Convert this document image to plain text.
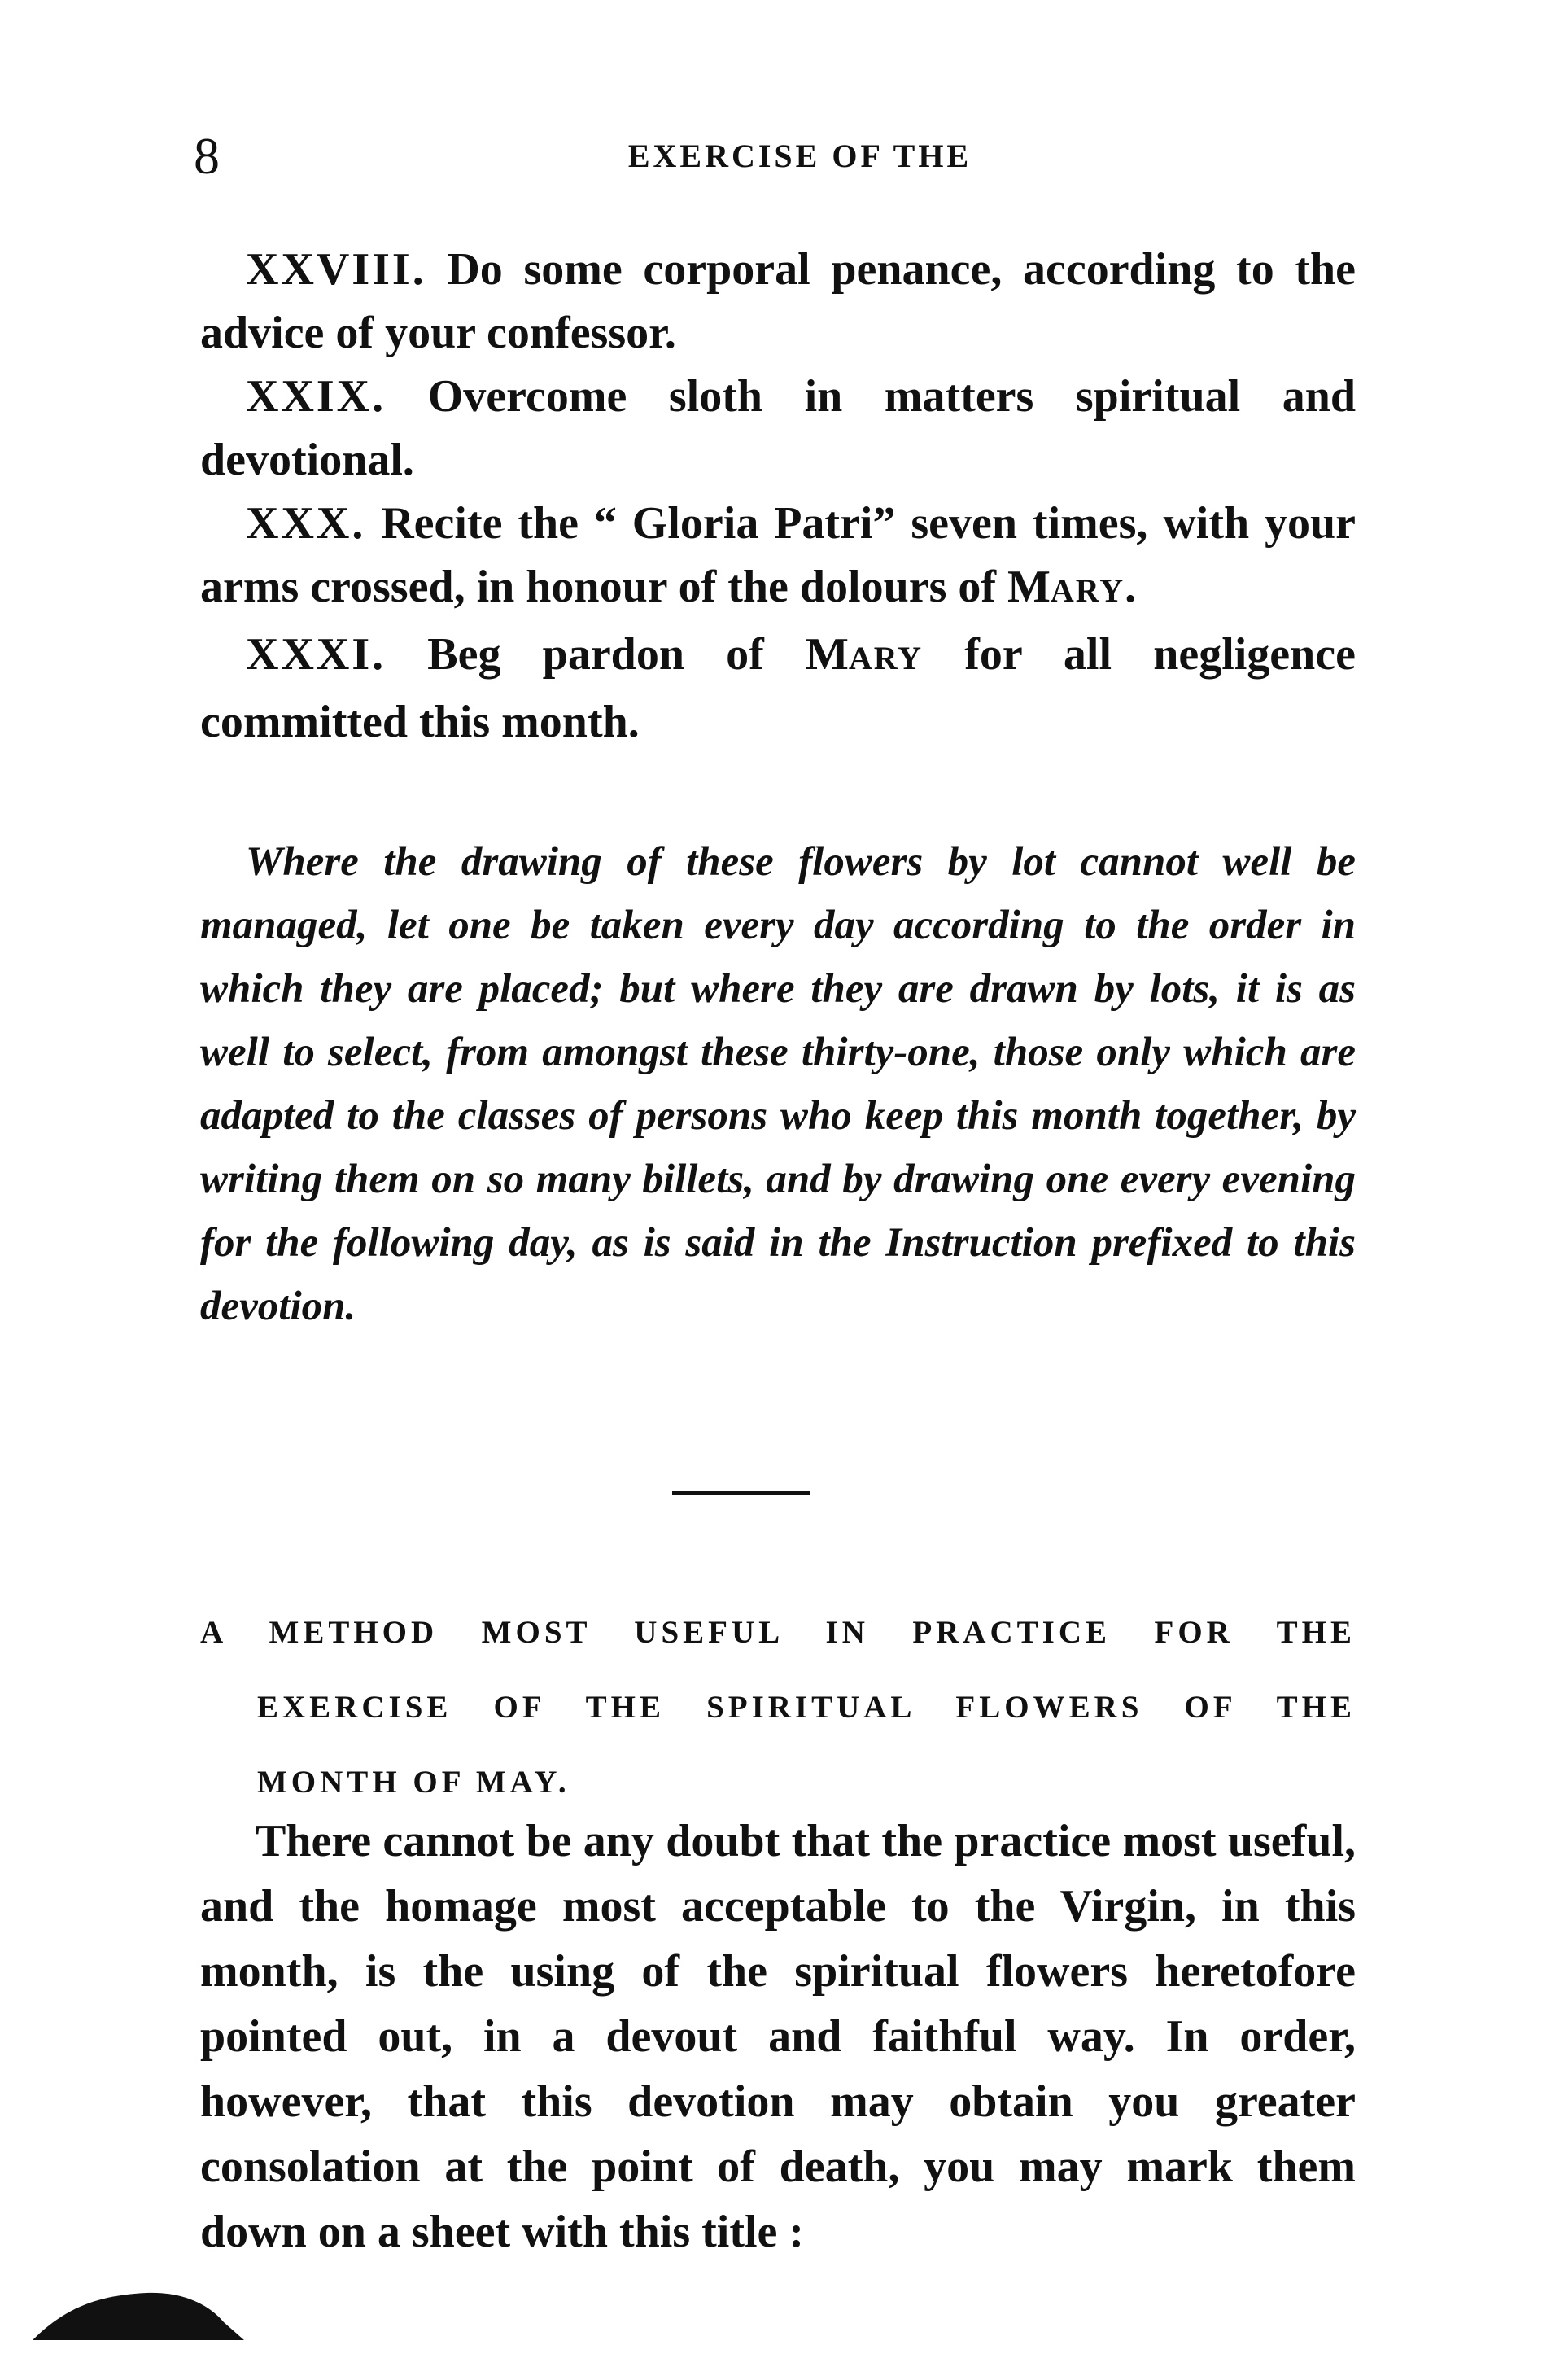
8	EXERCISE OF THE

XXVIII. Do some corporal penance, according to the advice of your confessor.

XXIX. Overcome sloth in matters spiritual and devotional.

XXX. Recite the “ Gloria Patri” seven times, with your arms crossed, in honour of the dolours of MARY.

XXXI. Beg pardon of MARY for all negligence committed this month.

Where the drawing of these flowers by lot cannot well be managed, let one be taken every day according to the order in which they are placed; but where they are drawn by lots, it is as well to select, from amongst these thirty-one, those only which are adapted to the classes of persons who keep this month together, by writing them on so many billets, and by drawing one every evening for the following day, as is said in the Instruction prefixed to this devotion.

A METHOD MOST USEFUL IN PRACTICE FOR THE
EXERCISE OF THE SPIRITUAL FLOWERS OF THE
MONTH OF MAY.

There cannot be any doubt that the practice most useful, and the homage most acceptable to the Virgin, in this month, is the using of the spiritual flowers heretofore pointed out, in a devout and faithful way. In order, however, that this devotion may obtain you greater consolation at the point of death, you may mark them down on a sheet with this title :
